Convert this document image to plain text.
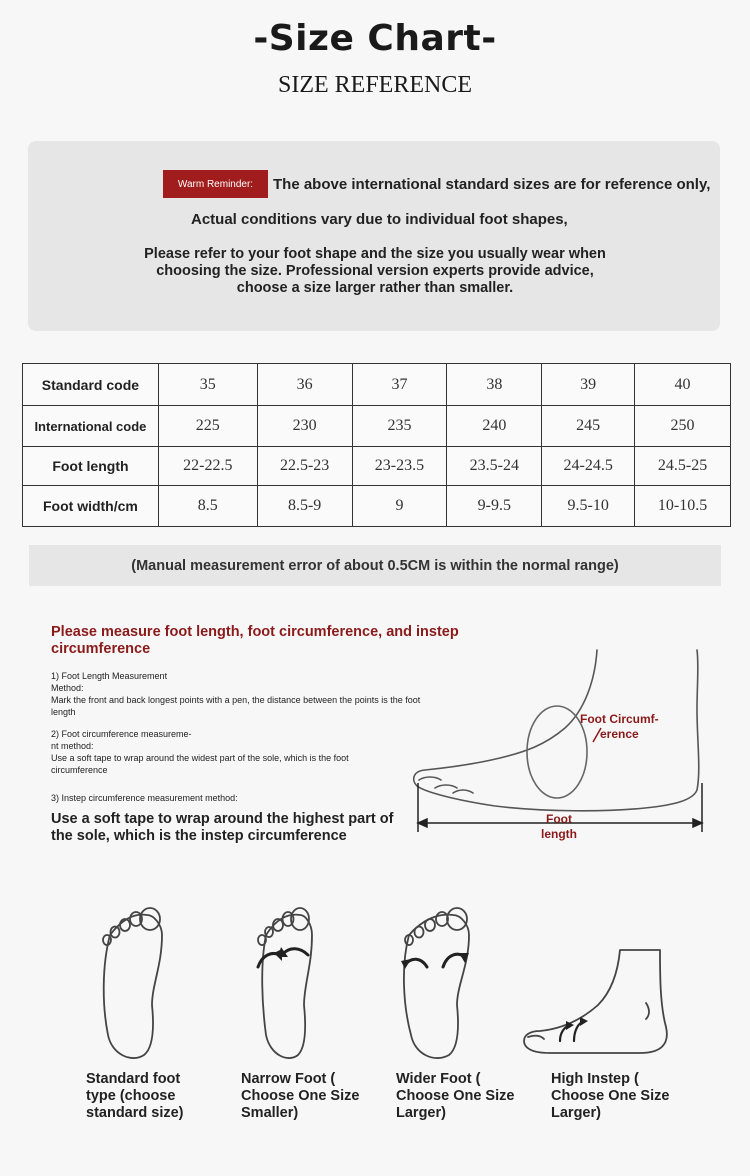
-Size Chart-
SIZE REFERENCE
Warm Reminder:	The above international standard sizes are for reference only,
Actual conditions vary due to individual foot shapes,
Please refer to your foot shape and the size you usually wear when
choosing the size. Professional version experts provide advice,
choose a size larger rather than smaller.
Standard code	35	36	37	38	39	40
International code	225	230	235	240	245	250
Foot length	22-22.5	22.5-23	23-23.5	23.5-24	24-24.5	24.5-25
Foot width/cm	8.5	8.5-9	9	9-9.5	9.5-10	10-10.5
(Manual measurement error of about 0.5CM is within the normal range)
Please measure foot length, foot circumference, and instep
circumference
1) Foot Length Measurement
Method:
Mark the front and back longest points with a pen, the distance between the points is the foot
length
2) Foot circumference measureme-
nt method:
Use a soft tape to wrap around the widest part of the sole, which is the foot
circumference
3) Instep circumference measurement method:
Use a soft tape to wrap around the highest part of
the sole, which is the instep circumference
Foot Circumf-
erence
Foot
length
Standard foot
type (choose
standard size)
Narrow Foot (
Choose One Size
Smaller)
Wider Foot (
Choose One Size
Larger)
High Instep (
Choose One Size
Larger)
